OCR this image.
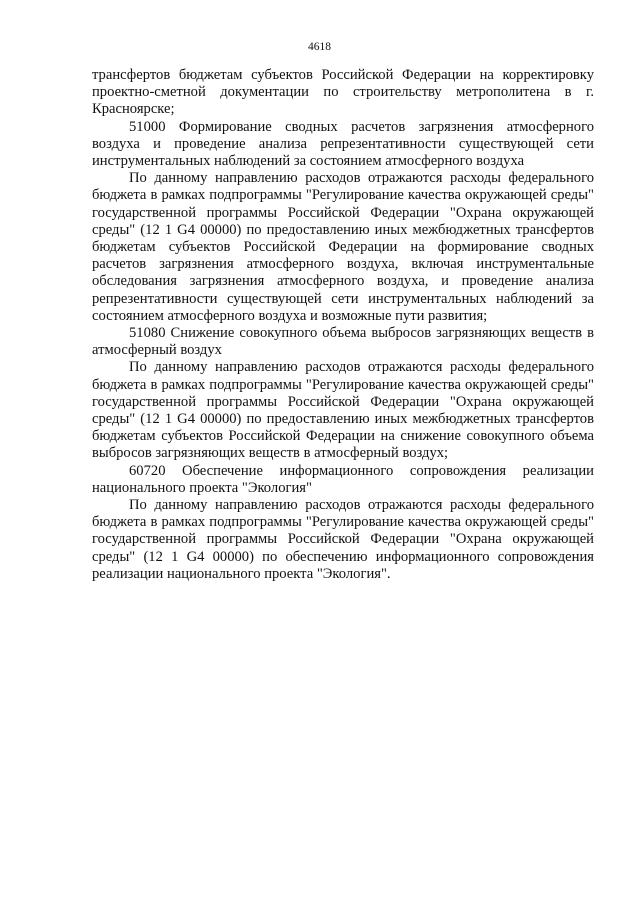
4618

трансфертов бюджетам субъектов Российской Федерации на корректировку проектно-сметной документации по строительству метрополитена в г. Красноярске;

51000 Формирование сводных расчетов загрязнения атмосферного воздуха и проведение анализа репрезентативности существующей сети инструментальных наблюдений за состоянием атмосферного воздуха

По данному направлению расходов отражаются расходы федерального бюджета в рамках подпрограммы "Регулирование качества окружающей среды" государственной программы Российской Федерации "Охрана окружающей среды" (12 1 G4 00000) по предоставлению иных межбюджетных трансфертов бюджетам субъектов Российской Федерации на формирование сводных расчетов загрязнения атмосферного воздуха, включая инструментальные обследования загрязнения атмосферного воздуха, и проведение анализа репрезентативности существующей сети инструментальных наблюдений за состоянием атмосферного воздуха и возможные пути развития;

51080 Снижение совокупного объема выбросов загрязняющих веществ в атмосферный воздух

По данному направлению расходов отражаются расходы федерального бюджета в рамках подпрограммы "Регулирование качества окружающей среды" государственной программы Российской Федерации "Охрана окружающей среды" (12 1 G4 00000) по предоставлению иных межбюджетных трансфертов бюджетам субъектов Российской Федерации на снижение совокупного объема выбросов загрязняющих веществ в атмосферный воздух;

60720 Обеспечение информационного сопровождения реализации национального проекта "Экология"

По данному направлению расходов отражаются расходы федерального бюджета в рамках подпрограммы "Регулирование качества окружающей среды" государственной программы Российской Федерации "Охрана окружающей среды" (12 1 G4 00000) по обеспечению информационного сопровождения реализации национального проекта "Экология".
